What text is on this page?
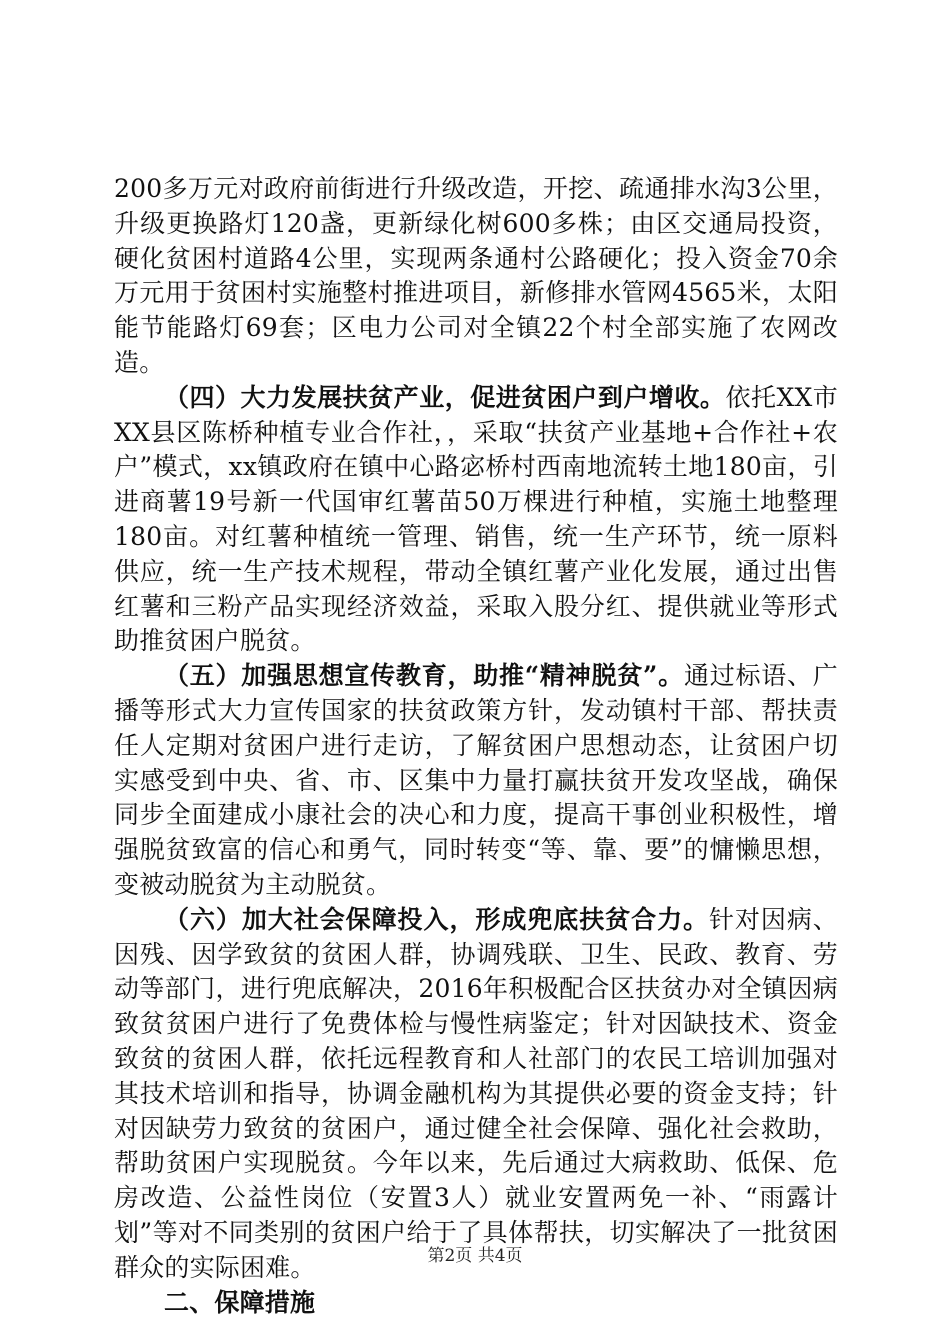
200多万元对政府前街进行升级改造，开挖、疏通排水沟3公里，升级更换路灯120盏，更新绿化树600多株；由区交通局投资，硬化贫困村道路4公里，实现两条通村公路硬化；投入资金70余万元用于贫困村实施整村推进项目，新修排水管网4565米，太阳能节能路灯69套；区电力公司对全镇22个村全部实施了农网改造。

（四）大力发展扶贫产业，促进贫困户到户增收。依托XX市XX县区陈桥种植专业合作社，，采取“扶贫产业基地+合作社+农户”模式，xx镇政府在镇中心路宓桥村西南地流转土地180亩，引进商薯19号新一代国审红薯苗50万棵进行种植，实施土地整理180亩。对红薯种植统一管理、销售，统一生产环节，统一原料供应，统一生产技术规程，带动全镇红薯产业化发展，通过出售红薯和三粉产品实现经济效益，采取入股分红、提供就业等形式助推贫困户脱贫。

（五）加强思想宣传教育，助推“精神脱贫”。通过标语、广播等形式大力宣传国家的扶贫政策方针，发动镇村干部、帮扶责任人定期对贫困户进行走访，了解贫困户思想动态，让贫困户切实感受到中央、省、市、区集中力量打赢扶贫开发攻坚战，确保同步全面建成小康社会的决心和力度，提高干事创业积极性，增强脱贫致富的信心和勇气，同时转变“等、靠、要”的慵懒思想，变被动脱贫为主动脱贫。

（六）加大社会保障投入，形成兜底扶贫合力。针对因病、因残、因学致贫的贫困人群，协调残联、卫生、民政、教育、劳动等部门，进行兜底解决，2016年积极配合区扶贫办对全镇因病致贫贫困户进行了免费体检与慢性病鉴定；针对因缺技术、资金致贫的贫困人群，依托远程教育和人社部门的农民工培训加强对其技术培训和指导，协调金融机构为其提供必要的资金支持；针对因缺劳力致贫的贫困户，通过健全社会保障、强化社会救助，帮助贫困户实现脱贫。今年以来，先后通过大病救助、低保、危房改造、公益性岗位（安置3人）就业安置两免一补、“雨露计划”等对不同类别的贫困户给于了具体帮扶，切实解决了一批贫困群众的实际困难。

二、保障措施

第2页 共4页
